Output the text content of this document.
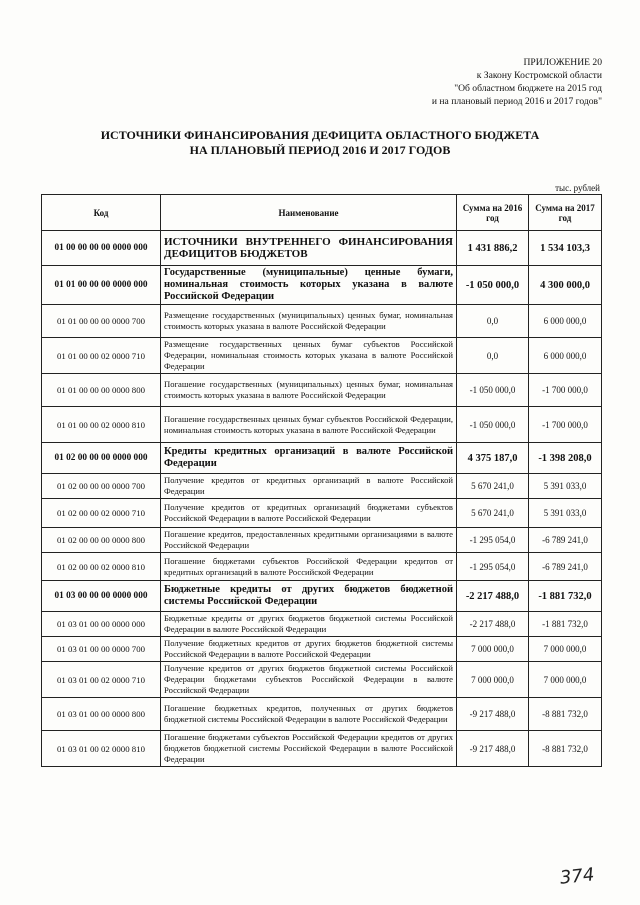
ПРИЛОЖЕНИЕ 20
к Закону Костромской области
"Об областном бюджете на 2015 год
и на плановый период 2016 и 2017 годов"
ИСТОЧНИКИ ФИНАНСИРОВАНИЯ ДЕФИЦИТА ОБЛАСТНОГО БЮДЖЕТА
НА ПЛАНОВЫЙ ПЕРИОД 2016 И 2017 ГОДОВ
тыс. рублей
Код	Наименование	Сумма на 2016 год	Сумма на 2017 год
01 00 00 00 00 0000 000	ИСТОЧНИКИ ВНУТРЕННЕГО ФИНАНСИРОВАНИЯ ДЕФИЦИТОВ БЮДЖЕТОВ	1 431 886,2	1 534 103,3
01 01 00 00 00 0000 000	Государственные (муниципальные) ценные бумаги, номинальная стоимость которых указана в валюте Российской Федерации	-1 050 000,0	4 300 000,0
01 01 00 00 00 0000 700	Размещение государственных (муниципальных) ценных бумаг, номинальная стоимость которых указана в валюте Российской Федерации	0,0	6 000 000,0
01 01 00 00 02 0000 710	Размещение государственных ценных бумаг субъектов Российской Федерации, номинальная стоимость которых указана в валюте Российской Федерации	0,0	6 000 000,0
01 01 00 00 00 0000 800	Погашение государственных (муниципальных) ценных бумаг, номинальная стоимость которых указана в валюте Российской Федерации	-1 050 000,0	-1 700 000,0
01 01 00 00 02 0000 810	Погашение государственных ценных бумаг субъектов Российской Федерации, номинальная стоимость которых указана в валюте Российской Федерации	-1 050 000,0	-1 700 000,0
01 02 00 00 00 0000 000	Кредиты кредитных организаций в валюте Российской Федерации	4 375 187,0	-1 398 208,0
01 02 00 00 00 0000 700	Получение кредитов от кредитных организаций в валюте Российской Федерации	5 670 241,0	5 391 033,0
01 02 00 00 02 0000 710	Получение кредитов от кредитных организаций бюджетами субъектов Российской Федерации в валюте Российской Федерации	5 670 241,0	5 391 033,0
01 02 00 00 00 0000 800	Погашение кредитов, предоставленных кредитными организациями в валюте Российской Федерации	-1 295 054,0	-6 789 241,0
01 02 00 00 02 0000 810	Погашение бюджетами субъектов Российской Федерации кредитов от кредитных организаций в валюте Российской Федерации	-1 295 054,0	-6 789 241,0
01 03 00 00 00 0000 000	Бюджетные кредиты от других бюджетов бюджетной системы Российской Федерации	-2 217 488,0	-1 881 732,0
01 03 01 00 00 0000 000	Бюджетные кредиты от других бюджетов бюджетной системы Российской Федерации в валюте Российской Федерации	-2 217 488,0	-1 881 732,0
01 03 01 00 00 0000 700	Получение бюджетных кредитов от других бюджетов бюджетной системы Российской Федерации в валюте Российской Федерации	7 000 000,0	7 000 000,0
01 03 01 00 02 0000 710	Получение кредитов от других бюджетов бюджетной системы Российской Федерации бюджетами субъектов Российской Федерации в валюте Российской Федерации	7 000 000,0	7 000 000,0
01 03 01 00 00 0000 800	Погашение бюджетных кредитов, полученных от других бюджетов бюджетной системы Российской Федерации в валюте Российской Федерации	-9 217 488,0	-8 881 732,0
01 03 01 00 02 0000 810	Погашение бюджетами субъектов Российской Федерации кредитов от других бюджетов бюджетной системы Российской Федерации в валюте Российской Федерации	-9 217 488,0	-8 881 732,0
374
